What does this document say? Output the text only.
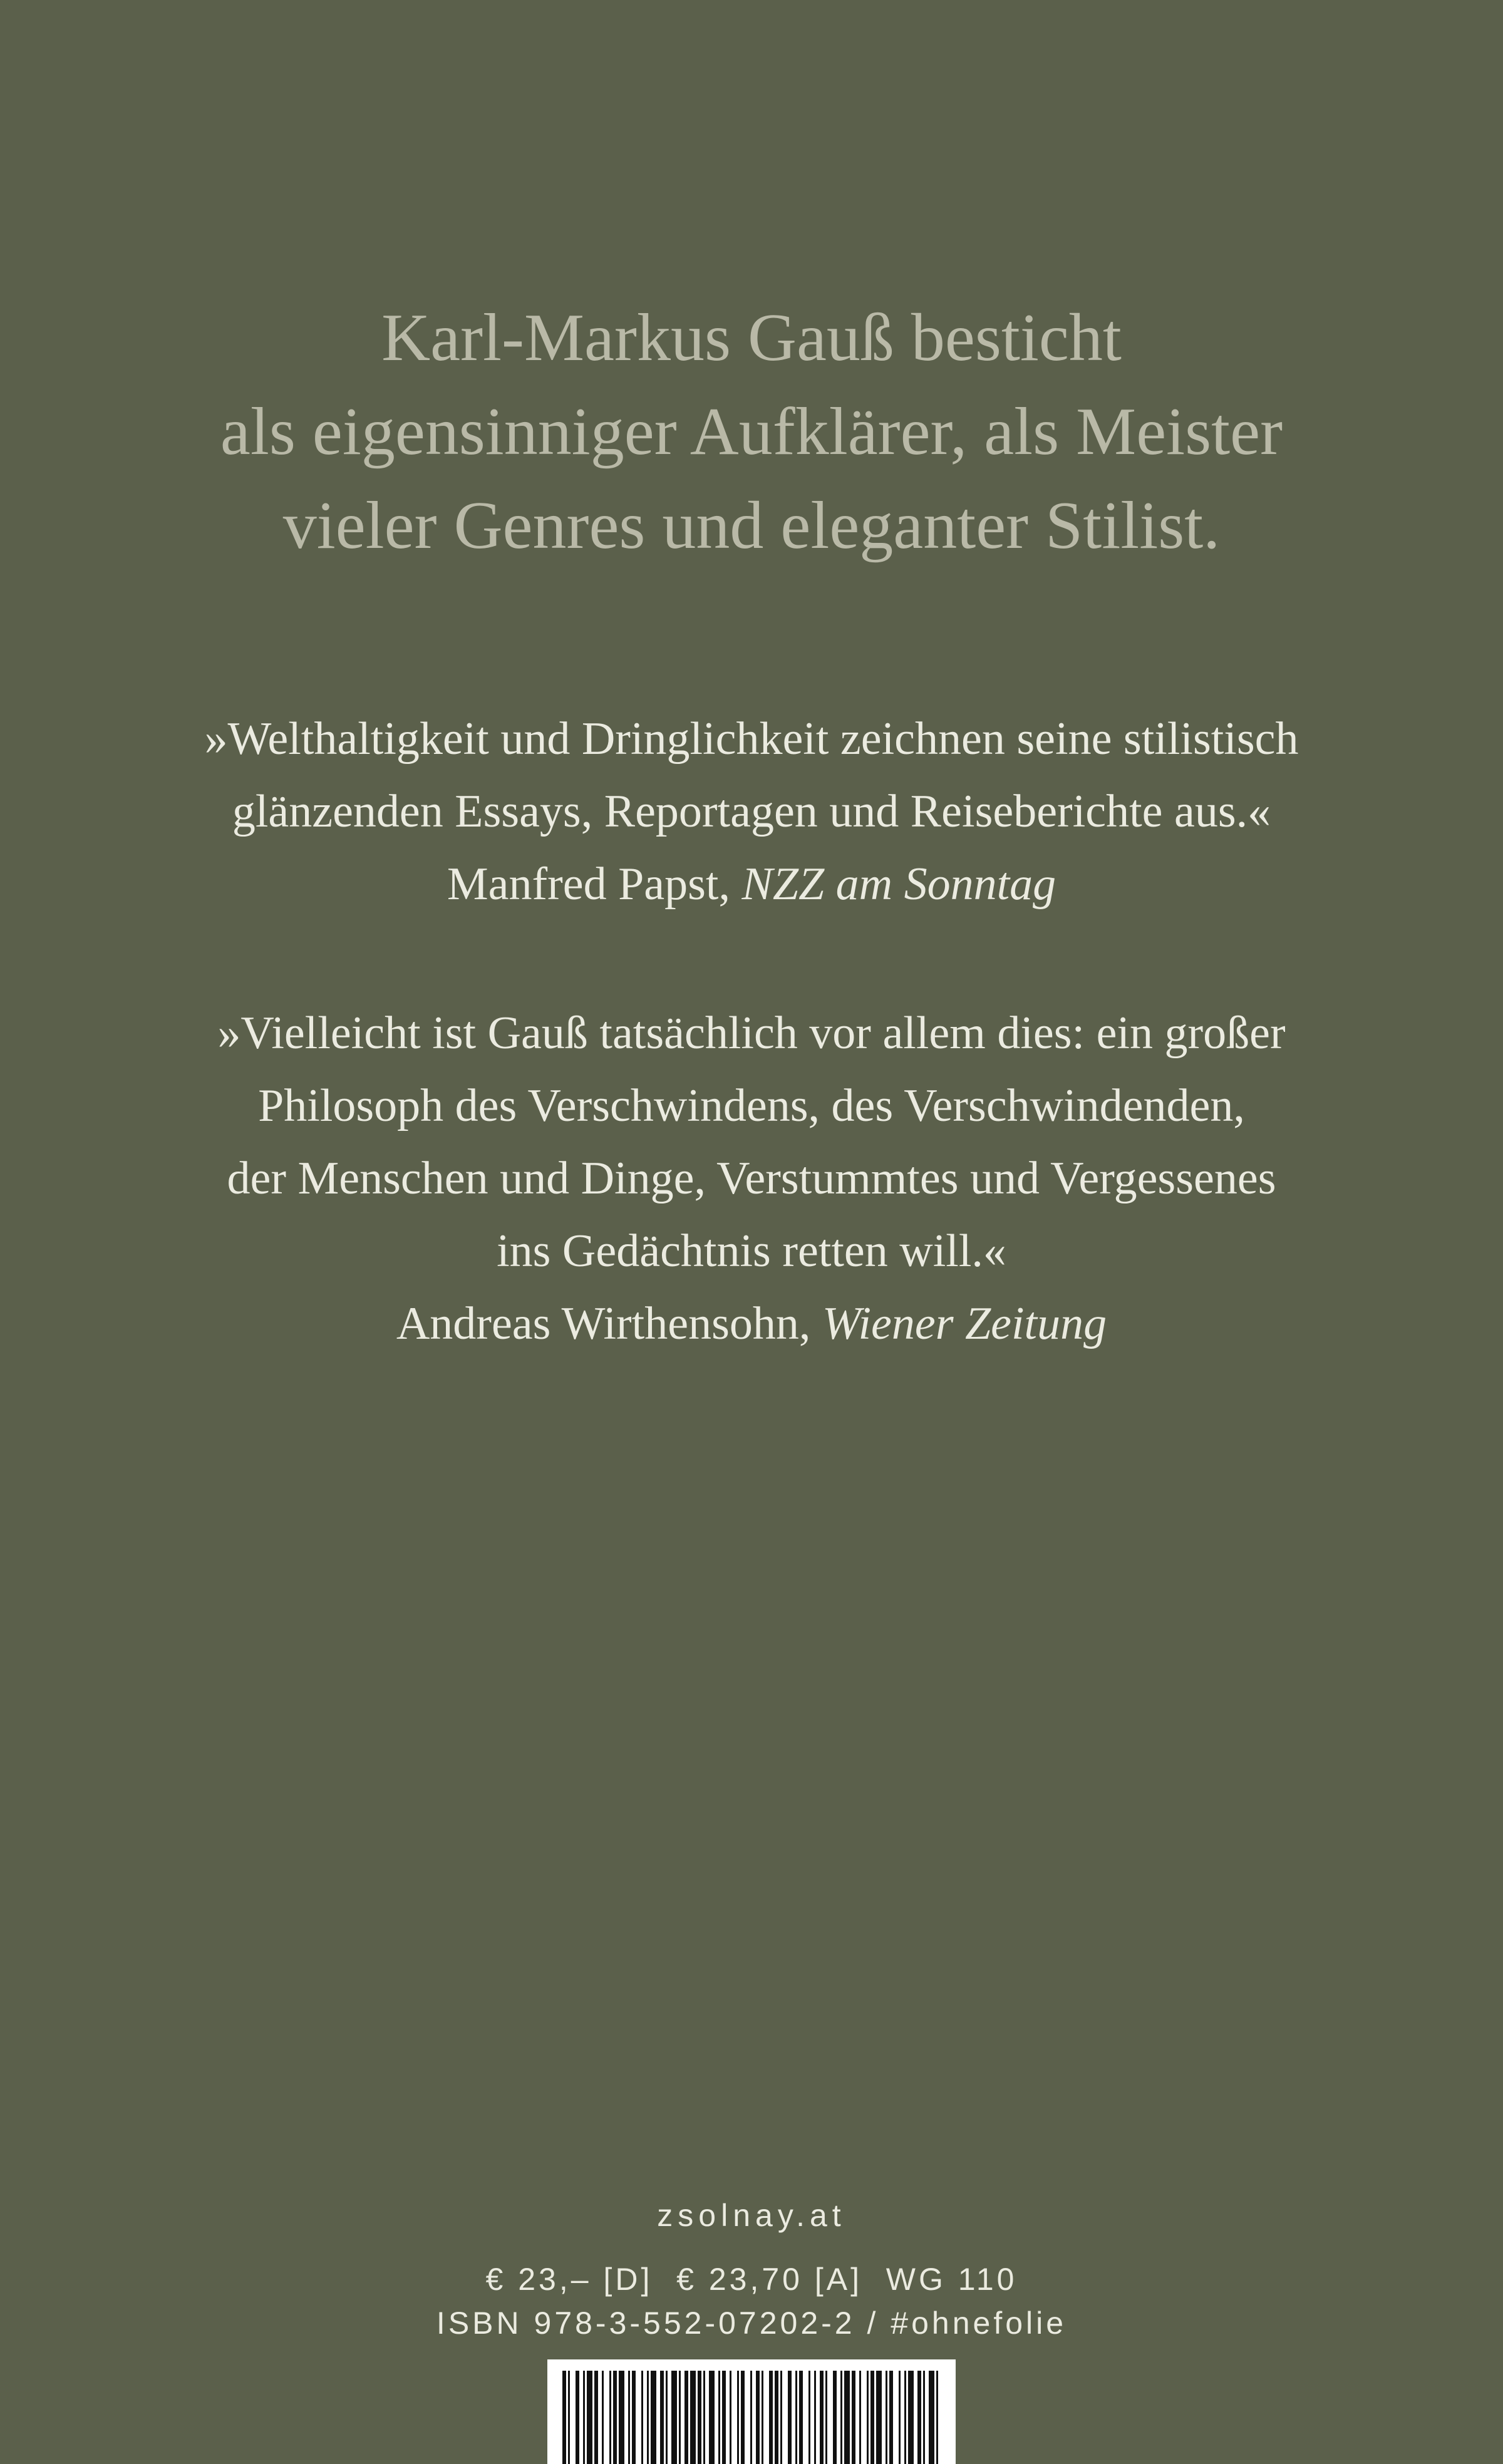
Karl-Markus Gauß besticht
als eigensinniger Aufklärer, als Meister
vieler Genres und eleganter Stilist.
»Welthaltigkeit und Dringlichkeit zeichnen seine stilistisch
glänzenden Essays, Reportagen und Reiseberichte aus.«
Manfred Papst, NZZ am Sonntag
»Vielleicht ist Gauß tatsächlich vor allem dies: ein großer
Philosoph des Verschwindens, des Verschwindenden,
der Menschen und Dinge, Verstummtes und Vergessenes
ins Gedächtnis retten will.«
Andreas Wirthensohn, Wiener Zeitung
zsolnay.at
€ 23,– [D]  € 23,70 [A]  WG 110
ISBN 978-3-552-07202-2 / #ohnefolie
